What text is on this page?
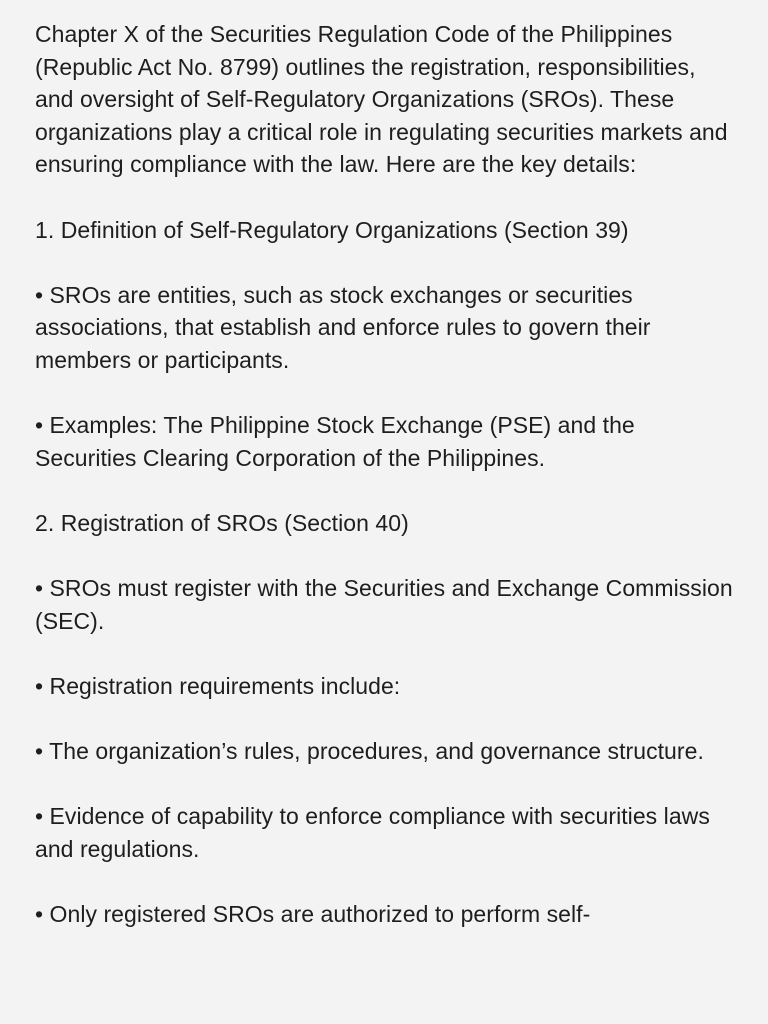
Chapter X of the Securities Regulation Code of the Philippines (Republic Act No. 8799) outlines the registration, responsibilities, and oversight of Self-Regulatory Organizations (SROs). These organizations play a critical role in regulating securities markets and ensuring compliance with the law. Here are the key details:

1. Definition of Self-Regulatory Organizations (Section 39)

• SROs are entities, such as stock exchanges or securities associations, that establish and enforce rules to govern their members or participants.

• Examples: The Philippine Stock Exchange (PSE) and the Securities Clearing Corporation of the Philippines.

2. Registration of SROs (Section 40)

• SROs must register with the Securities and Exchange Commission (SEC).

• Registration requirements include:

• The organization’s rules, procedures, and governance structure.

• Evidence of capability to enforce compliance with securities laws and regulations.

• Only registered SROs are authorized to perform self-
